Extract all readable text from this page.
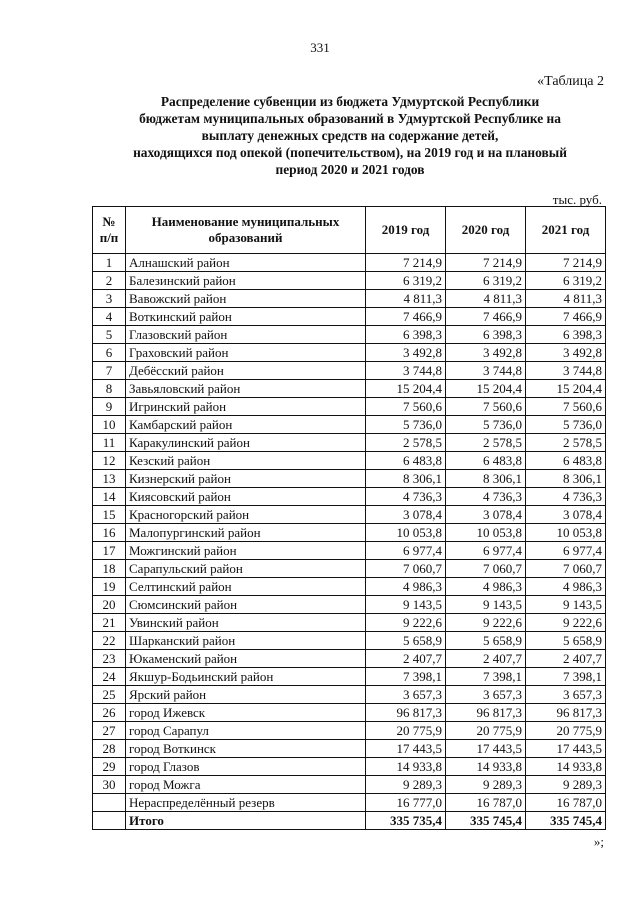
331
«Таблица 2
Распределение субвенции из бюджета Удмуртской Республики
бюджетам муниципальных образований в Удмуртской Республике на
выплату денежных средств на содержание детей,
находящихся под опекой (попечительством), на 2019 год и на плановый
период 2020 и 2021 годов
тыс. руб.
№ п/п	Наименование муниципальных образований	2019 год	2020 год	2021 год
1	Алнашский район	7 214,9	7 214,9	7 214,9
2	Балезинский район	6 319,2	6 319,2	6 319,2
3	Вавожский район	4 811,3	4 811,3	4 811,3
4	Воткинский район	7 466,9	7 466,9	7 466,9
5	Глазовский район	6 398,3	6 398,3	6 398,3
6	Граховский район	3 492,8	3 492,8	3 492,8
7	Дебёсский район	3 744,8	3 744,8	3 744,8
8	Завьяловский район	15 204,4	15 204,4	15 204,4
9	Игринский район	7 560,6	7 560,6	7 560,6
10	Камбарский район	5 736,0	5 736,0	5 736,0
11	Каракулинский район	2 578,5	2 578,5	2 578,5
12	Кезский район	6 483,8	6 483,8	6 483,8
13	Кизнерский район	8 306,1	8 306,1	8 306,1
14	Киясовский район	4 736,3	4 736,3	4 736,3
15	Красногорский район	3 078,4	3 078,4	3 078,4
16	Малопургинский район	10 053,8	10 053,8	10 053,8
17	Можгинский район	6 977,4	6 977,4	6 977,4
18	Сарапульский район	7 060,7	7 060,7	7 060,7
19	Селтинский район	4 986,3	4 986,3	4 986,3
20	Сюмсинский район	9 143,5	9 143,5	9 143,5
21	Увинский район	9 222,6	9 222,6	9 222,6
22	Шарканский район	5 658,9	5 658,9	5 658,9
23	Юкаменский район	2 407,7	2 407,7	2 407,7
24	Якшур-Бодьинский район	7 398,1	7 398,1	7 398,1
25	Ярский район	3 657,3	3 657,3	3 657,3
26	город Ижевск	96 817,3	96 817,3	96 817,3
27	город Сарапул	20 775,9	20 775,9	20 775,9
28	город Воткинск	17 443,5	17 443,5	17 443,5
29	город Глазов	14 933,8	14 933,8	14 933,8
30	город Можга	9 289,3	9 289,3	9 289,3
	Нераспределённый резерв	16 777,0	16 787,0	16 787,0
	Итого	335 735,4	335 745,4	335 745,4
»;
